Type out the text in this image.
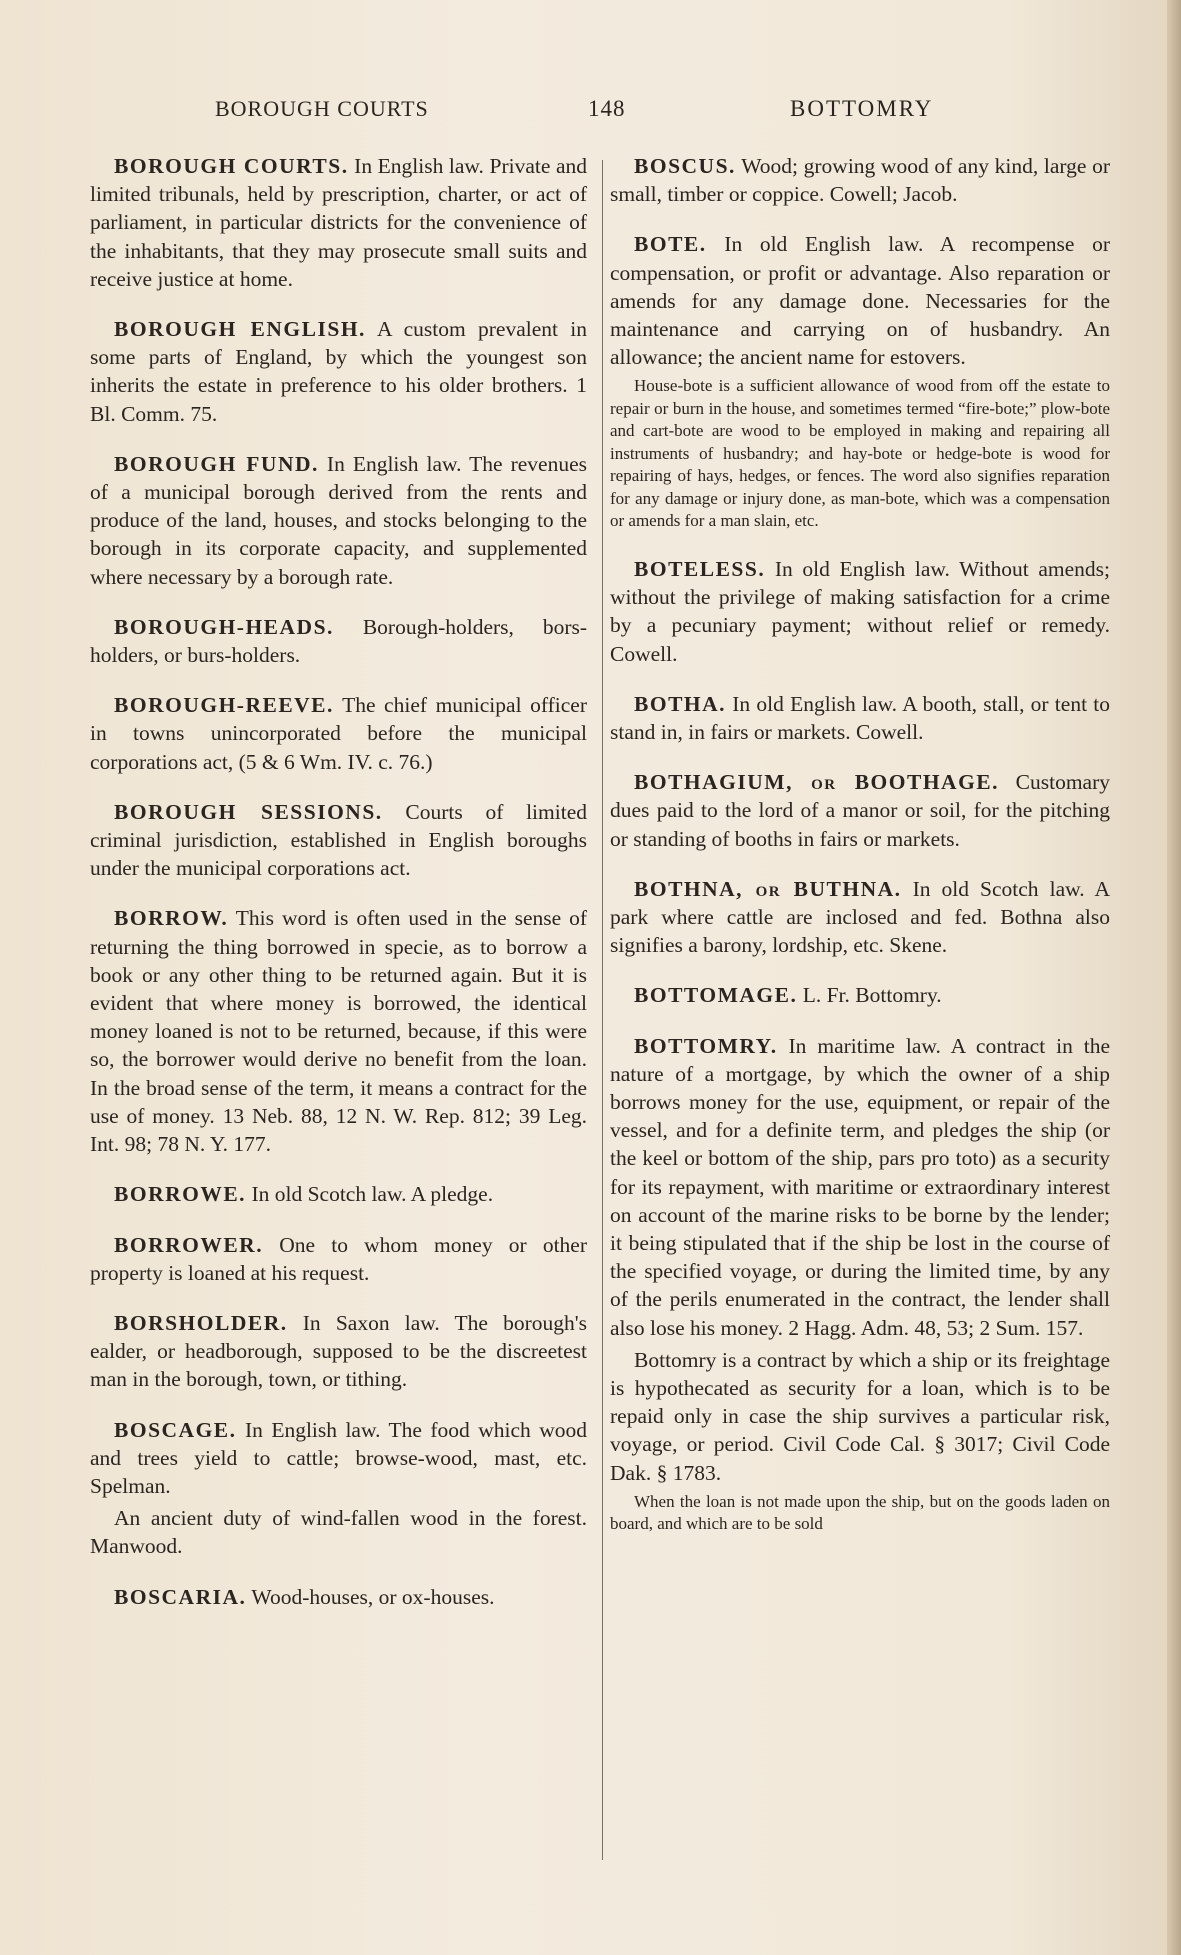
BOROUGH COURTS	148	BOTTOMRY

BOROUGH COURTS. In English law. Private and limited tribunals, held by prescription, charter, or act of parliament, in particular districts for the convenience of the inhabitants, that they may prosecute small suits and receive justice at home.

BOROUGH ENGLISH. A custom prevalent in some parts of England, by which the youngest son inherits the estate in preference to his older brothers. 1 Bl. Comm. 75.

BOROUGH FUND. In English law. The revenues of a municipal borough derived from the rents and produce of the land, houses, and stocks belonging to the borough in its corporate capacity, and supplemented where necessary by a borough rate.

BOROUGH-HEADS. Borough-holders, bors-holders, or burs-holders.

BOROUGH-REEVE. The chief municipal officer in towns unincorporated before the municipal corporations act, (5 & 6 Wm. IV. c. 76.)

BOROUGH SESSIONS. Courts of limited criminal jurisdiction, established in English boroughs under the municipal corporations act.

BORROW. This word is often used in the sense of returning the thing borrowed in specie, as to borrow a book or any other thing to be returned again. But it is evident that where money is borrowed, the identical money loaned is not to be returned, because, if this were so, the borrower would derive no benefit from the loan. In the broad sense of the term, it means a contract for the use of money. 13 Neb. 88, 12 N. W. Rep. 812; 39 Leg. Int. 98; 78 N. Y. 177.

BORROWE. In old Scotch law. A pledge.

BORROWER. One to whom money or other property is loaned at his request.

BORSHOLDER. In Saxon law. The borough's ealder, or headborough, supposed to be the discreetest man in the borough, town, or tithing.

BOSCAGE. In English law. The food which wood and trees yield to cattle; browse-wood, mast, etc. Spelman.

An ancient duty of wind-fallen wood in the forest. Manwood.

BOSCARIA. Wood-houses, or ox-houses.

BOSCUS. Wood; growing wood of any kind, large or small, timber or coppice. Cowell; Jacob.

BOTE. In old English law. A recompense or compensation, or profit or advantage. Also reparation or amends for any damage done. Necessaries for the maintenance and carrying on of husbandry. An allowance; the ancient name for estovers.

House-bote is a sufficient allowance of wood from off the estate to repair or burn in the house, and sometimes termed “fire-bote;” plow-bote and cart-bote are wood to be employed in making and repairing all instruments of husbandry; and hay-bote or hedge-bote is wood for repairing of hays, hedges, or fences. The word also signifies reparation for any damage or injury done, as man-bote, which was a compensation or amends for a man slain, etc.

BOTELESS. In old English law. Without amends; without the privilege of making satisfaction for a crime by a pecuniary payment; without relief or remedy. Cowell.

BOTHA. In old English law. A booth, stall, or tent to stand in, in fairs or markets. Cowell.

BOTHAGIUM, or BOOTHAGE. Customary dues paid to the lord of a manor or soil, for the pitching or standing of booths in fairs or markets.

BOTHNA, or BUTHNA. In old Scotch law. A park where cattle are inclosed and fed. Bothna also signifies a barony, lordship, etc. Skene.

BOTTOMAGE. L. Fr. Bottomry.

BOTTOMRY. In maritime law. A contract in the nature of a mortgage, by which the owner of a ship borrows money for the use, equipment, or repair of the vessel, and for a definite term, and pledges the ship (or the keel or bottom of the ship, pars pro toto) as a security for its repayment, with maritime or extraordinary interest on account of the marine risks to be borne by the lender; it being stipulated that if the ship be lost in the course of the specified voyage, or during the limited time, by any of the perils enumerated in the contract, the lender shall also lose his money. 2 Hagg. Adm. 48, 53; 2 Sum. 157.

Bottomry is a contract by which a ship or its freightage is hypothecated as security for a loan, which is to be repaid only in case the ship survives a particular risk, voyage, or period. Civil Code Cal. § 3017; Civil Code Dak. § 1783.

When the loan is not made upon the ship, but on the goods laden on board, and which are to be sold
